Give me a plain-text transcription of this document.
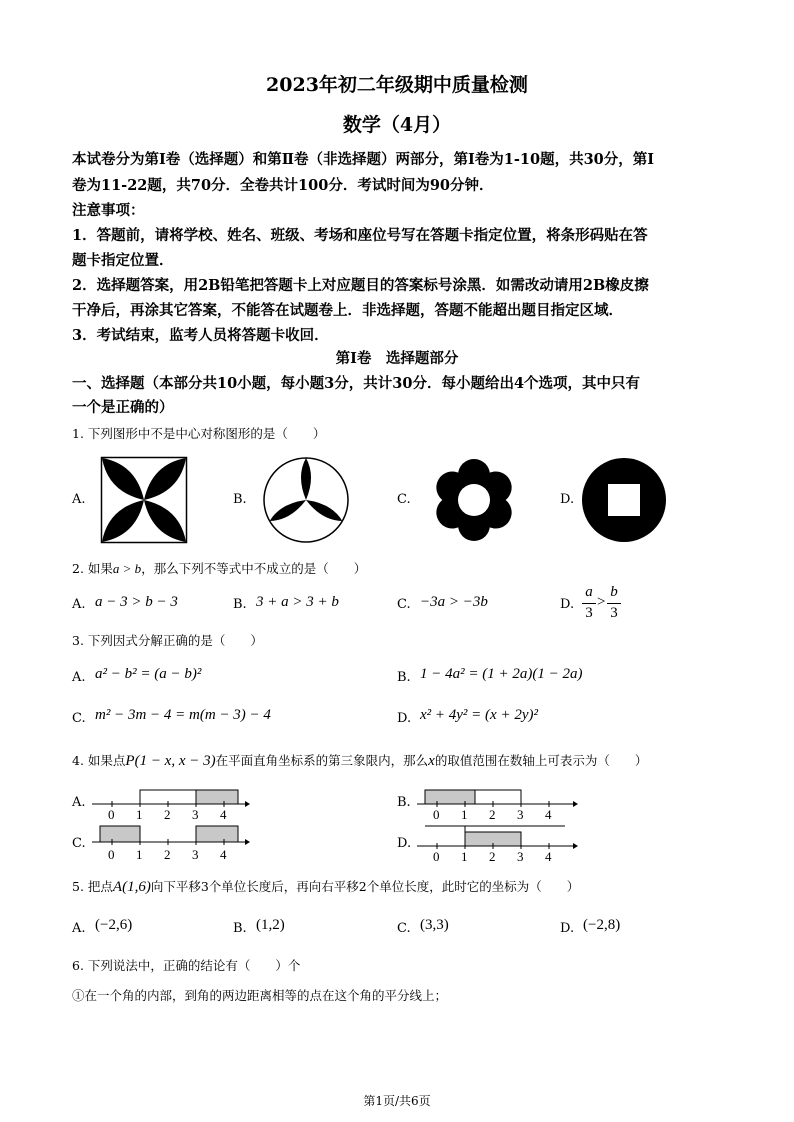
2023年初二年级期中质量检测
数学（4月）
本试卷分为第Ⅰ卷（选择题）和第Ⅱ卷（非选择题）两部分，第Ⅰ卷为1-10题，共30分，第Ⅰ
卷为11-22题，共70分．全卷共计100分．考试时间为90分钟．
注意事项：
1．答题前，请将学校、姓名、班级、考场和座位号写在答题卡指定位置，将条形码贴在答
题卡指定位置．
2．选择题答案，用2B铅笔把答题卡上对应题目的答案标号涂黑．如需改动请用2B橡皮擦
干净后，再涂其它答案，不能答在试题卷上．非选择题，答题不能超出题目指定区域．
3．考试结束，监考人员将答题卡收回．
第Ⅰ卷　选择题部分
一、选择题（本部分共10小题，每小题3分，共计30分．每小题给出4个选项，其中只有
一个是正确的）
1. 下列图形中不是中心对称图形的是（　　）
A.	B.	C.	D.
2. 如果a > b，那么下列不等式中不成立的是（　　）
A. a − 3 > b − 3	B. 3 + a > 3 + b	C. −3a > −3b	D.
a
3
>
b
3
3. 下列因式分解正确的是（　　）
A. a² − b² = (a − b)²	B. 1 − 4a² = (1 + 2a)(1 − 2a)
C. m² − 3m − 4 = m(m − 3) − 4	D. x² + 4y² = (x + 2y)²
4. 如果点P(1 − x, x − 3)在平面直角坐标系的第三象限内，那么x的取值范围在数轴上可表示为（　　）
A.	B.
C.	D.
0 1 2 3 4	0 1 2 3 4
0 1 2 3 4	0 1 2 3 4
5. 把点A(1,6)向下平移3个单位长度后，再向右平移2个单位长度，此时它的坐标为（　　）
A. (−2,6)	B. (1,2)	C. (3,3)	D. (−2,8)
6. 下列说法中，正确的结论有（　　）个
①在一个角的内部，到角的两边距离相等的点在这个角的平分线上；
第1页/共6页
